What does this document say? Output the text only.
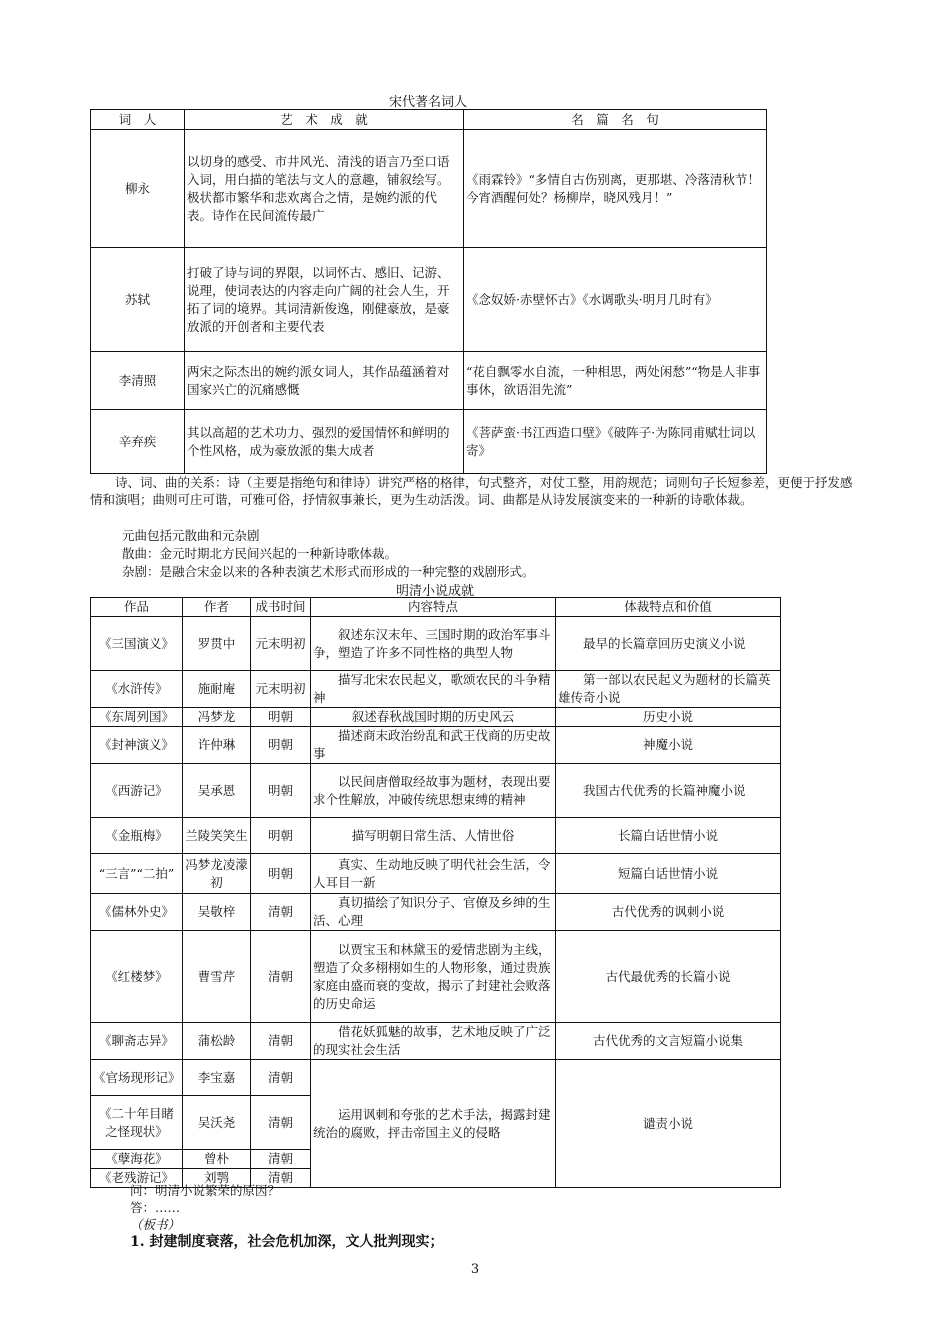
宋代著名词人
词　人	艺　术　成　就	名　篇　名　句
柳永	以切身的感受、市井风光、清浅的语言乃至口语入词，用白描的笔法与文人的意趣，铺叙绘写。极状都市繁华和悲欢离合之情，是婉约派的代表。诗作在民间流传最广	《雨霖铃》“多情自古伤别离，更那堪、冷落清秋节！今宵酒醒何处？杨柳岸，晓风残月！”
苏轼	打破了诗与词的界限，以词怀古、感旧、记游、说理，使词表达的内容走向广阔的社会人生，开拓了词的境界。其词清新俊逸，刚健豪放，是豪放派的开创者和主要代表	《念奴娇·赤壁怀古》《水调歌头·明月几时有》
李清照	两宋之际杰出的婉约派女词人，其作品蕴涵着对国家兴亡的沉痛感慨	“花自飘零水自流，一种相思，两处闲愁”“物是人非事事休，欲语泪先流”
辛弃疾	其以高超的艺术功力、强烈的爱国情怀和鲜明的个性风格，成为豪放派的集大成者	《菩萨蛮·书江西造口壁》《破阵子·为陈同甫赋壮词以寄》
诗、词、曲的关系：诗（主要是指绝句和律诗）讲究严格的格律，句式整齐，对仗工整，用韵规范；词则句子长短参差，更便于抒发感情和演唱；曲则可庄可谐，可雅可俗，抒情叙事兼长，更为生动活泼。词、曲都是从诗发展演变来的一种新的诗歌体裁。
元曲包括元散曲和元杂剧
散曲：金元时期北方民间兴起的一种新诗歌体裁。
杂剧：是融合宋金以来的各种表演艺术形式而形成的一种完整的戏剧形式。
明清小说成就
作品	作者	成书时间	内容特点	体裁特点和价值
《三国演义》	罗贯中	元末明初	　　叙述东汉末年、三国时期的政治军事斗争，塑造了许多不同性格的典型人物	　　最早的长篇章回历史演义小说
《水浒传》	施耐庵	元末明初	　　描写北宋农民起义，歌颂农民的斗争精神	　　第一部以农民起义为题材的长篇英雄传奇小说
《东周列国》	冯梦龙	明朝	叙述春秋战国时期的历史风云	历史小说
《封神演义》	许仲琳	明朝	　　描述商末政治纷乱和武王伐商的历史故事	神魔小说
《西游记》	吴承恩	明朝	　　以民间唐僧取经故事为题材，表现出要求个性解放，冲破传统思想束缚的精神	　　我国古代优秀的长篇神魔小说
《金瓶梅》	兰陵笑笑生	明朝	描写明朝日常生活、人情世俗	长篇白话世情小说
“三言”“二拍”	冯梦龙凌濛初	明朝	　　真实、生动地反映了明代社会生活，令人耳目一新	短篇白话世情小说
《儒林外史》	吴敬梓	清朝	　　真切描绘了知识分子、官僚及乡绅的生活、心理	古代优秀的讽刺小说
《红楼梦》	曹雪芹	清朝	　　以贾宝玉和林黛玉的爱情悲剧为主线，塑造了众多栩栩如生的人物形象，通过贵族家庭由盛而衰的变故，揭示了封建社会败落的历史命运	古代最优秀的长篇小说
《聊斋志异》	蒲松龄	清朝	　　借花妖狐魅的故事，艺术地反映了广泛的现实社会生活	古代优秀的文言短篇小说集
《官场现形记》	李宝嘉	清朝	　　运用讽刺和夸张的艺术手法，揭露封建统治的腐败，抨击帝国主义的侵略	谴责小说
《二十年目睹之怪现状》	吴沃尧	清朝		
《孽海花》	曾朴	清朝		
《老残游记》	刘鹗	清朝		
问：明清小说繁荣的原因？
答：……
（板书）
1. 封建制度衰落，社会危机加深，文人批判现实；
3
